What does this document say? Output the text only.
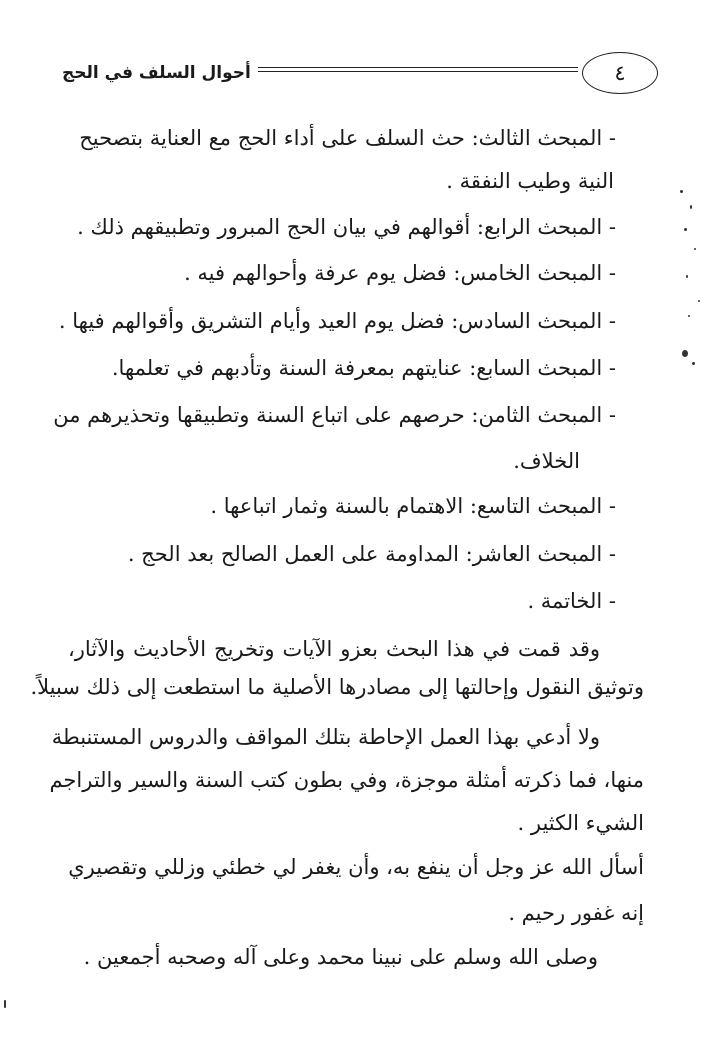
أحوال السلف في الحج	٤
- المبحث الثالث: حث السلف على أداء الحج مع العناية بتصحيح
النية وطيب النفقة .
- المبحث الرابع: أقوالهم في بيان الحج المبرور وتطبيقهم ذلك .
- المبحث الخامس: فضل يوم عرفة وأحوالهم فيه .
- المبحث السادس: فضل يوم العيد وأيام التشريق وأقوالهم فيها .
- المبحث السابع: عنايتهم بمعرفة السنة وتأدبهم في تعلمها.
- المبحث الثامن: حرصهم على اتباع السنة وتطبيقها وتحذيرهم من
الخلاف.
- المبحث التاسع: الاهتمام بالسنة وثمار اتباعها .
- المبحث العاشر: المداومة على العمل الصالح بعد الحج .
- الخاتمة .
وقد قمت في هذا البحث بعزو الآيات وتخريج الأحاديث والآثار،
وتوثيق النقول وإحالتها إلى مصادرها الأصلية ما استطعت إلى ذلك سبيلاً.
ولا أدعي بهذا العمل الإحاطة بتلك المواقف والدروس المستنبطة
منها، فما ذكرته أمثلة موجزة، وفي بطون كتب السنة والسير والتراجم
الشيء الكثير .
أسأل الله عز وجل أن ينفع به، وأن يغفر لي خطئي وزللي وتقصيري
إنه غفور رحيم .
وصلى الله وسلم على نبينا محمد وعلى آله وصحبه أجمعين .
